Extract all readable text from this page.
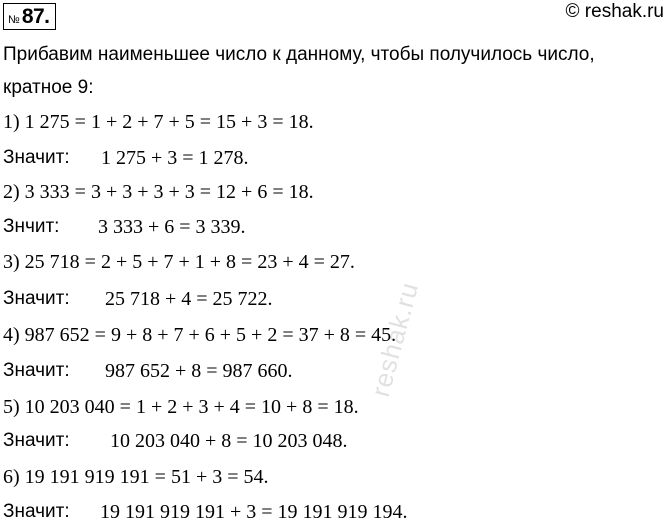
№ 87.	© reshak.ru
Прибавим наименьшее число к данному, чтобы получилось число,
кратное 9:
1) 1 275 = 1 + 2 + 7 + 5 = 15 + 3 = 18.
Значит: 1 275 + 3 = 1 278.
2) 3 333 = 3 + 3 + 3 + 3 = 12 + 6 = 18.
Знчит: 3 333 + 6 = 3 339.
3) 25 718 = 2 + 5 + 7 + 1 + 8 = 23 + 4 = 27.
Значит: 25 718 + 4 = 25 722.
4) 987 652 = 9 + 8 + 7 + 6 + 5 + 2 = 37 + 8 = 45.
Значит: 987 652 + 8 = 987 660.
5) 10 203 040 = 1 + 2 + 3 + 4 = 10 + 8 = 18.
Значит: 10 203 040 + 8 = 10 203 048.
6) 19 191 919 191 = 51 + 3 = 54.
Значит: 19 191 919 191 + 3 = 19 191 919 194.
reshak.ru
